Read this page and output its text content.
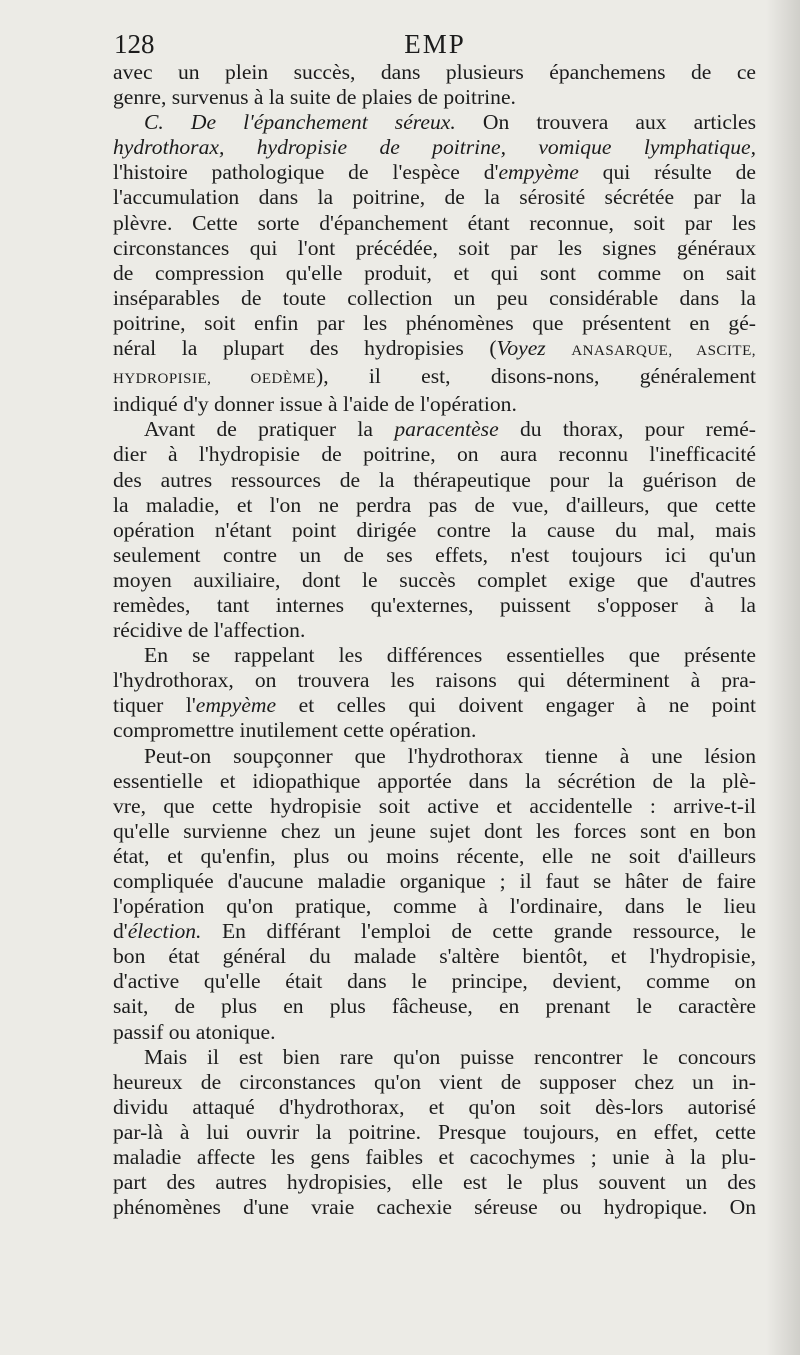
128	EMP
avec un plein succès, dans plusieurs épanchemens de ce
genre, survenus à la suite de plaies de poitrine.
C. De l'épanchement séreux. On trouvera aux articles
hydrothorax, hydropisie de poitrine, vomique lymphatique,
l'histoire pathologique de l'espèce d'empyème qui résulte de
l'accumulation dans la poitrine, de la sérosité sécrétée par la
plèvre. Cette sorte d'épanchement étant reconnue, soit par les
circonstances qui l'ont précédée, soit par les signes généraux
de compression qu'elle produit, et qui sont comme on sait
inséparables de toute collection un peu considérable dans la
poitrine, soit enfin par les phénomènes que présentent en gé-
néral la plupart des hydropisies (Voyez ANASARQUE, ASCITE,
HYDROPISIE, OEDÈME), il est, disons-nons, généralement
indiqué d'y donner issue à l'aide de l'opération.
Avant de pratiquer la paracentèse du thorax, pour remé-
dier à l'hydropisie de poitrine, on aura reconnu l'inefficacité
des autres ressources de la thérapeutique pour la guérison de
la maladie, et l'on ne perdra pas de vue, d'ailleurs, que cette
opération n'étant point dirigée contre la cause du mal, mais
seulement contre un de ses effets, n'est toujours ici qu'un
moyen auxiliaire, dont le succès complet exige que d'autres
remèdes, tant internes qu'externes, puissent s'opposer à la
récidive de l'affection.
En se rappelant les différences essentielles que présente
l'hydrothorax, on trouvera les raisons qui déterminent à pra-
tiquer l'empyème et celles qui doivent engager à ne point
compromettre inutilement cette opération.
Peut-on soupçonner que l'hydrothorax tienne à une lésion
essentielle et idiopathique apportée dans la sécrétion de la plè-
vre, que cette hydropisie soit active et accidentelle : arrive-t-il
qu'elle survienne chez un jeune sujet dont les forces sont en bon
état, et qu'enfin, plus ou moins récente, elle ne soit d'ailleurs
compliquée d'aucune maladie organique ; il faut se hâter de faire
l'opération qu'on pratique, comme à l'ordinaire, dans le lieu
d'élection. En différant l'emploi de cette grande ressource, le
bon état général du malade s'altère bientôt, et l'hydropisie,
d'active qu'elle était dans le principe, devient, comme on
sait, de plus en plus fâcheuse, en prenant le caractère
passif ou atonique.
Mais il est bien rare qu'on puisse rencontrer le concours
heureux de circonstances qu'on vient de supposer chez un in-
dividu attaqué d'hydrothorax, et qu'on soit dès-lors autorisé
par-là à lui ouvrir la poitrine. Presque toujours, en effet, cette
maladie affecte les gens faibles et cacochymes ; unie à la plu-
part des autres hydropisies, elle est le plus souvent un des
phénomènes d'une vraie cachexie séreuse ou hydropique. On
